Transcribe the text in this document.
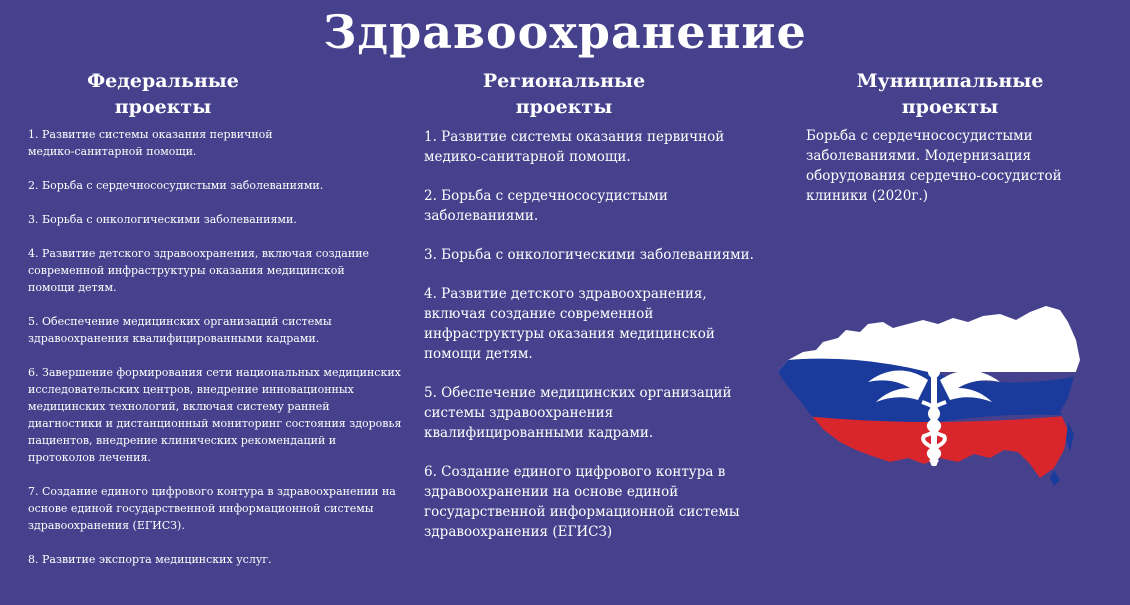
Здравоохранение
Федеральные
проекты
1. Развитие системы оказания первичной медико-санитарной помощи.
2. Борьба с сердечнососудистыми заболеваниями.
3. Борьба с онкологическими заболеваниями.
4. Развитие детского здравоохранения, включая создание современной инфраструктуры оказания медицинской помощи детям.
5. Обеспечение медицинских организаций системы здравоохранения квалифицированными кадрами.
6. Завершение формирования сети национальных медицинских исследовательских центров, внедрение инновационных медицинских технологий, включая систему ранней диагностики и дистанционный мониторинг состояния здоровья пациентов, внедрение клинических рекомендаций и протоколов лечения.
7. Создание единого цифрового контура в здравоохранении на основе единой государственной информационной системы здравоохранения (ЕГИСЗ).
8. Развитие экспорта медицинских услуг.
Региональные
проекты
1. Развитие системы оказания первичной медико-санитарной помощи.
2. Борьба с сердечнососудистыми заболеваниями.
3. Борьба с онкологическими заболеваниями.
4. Развитие детского здравоохранения, включая создание современной инфраструктуры оказания медицинской помощи детям.
5. Обеспечение медицинских организаций системы здравоохранения квалифицированными кадрами.
6. Создание единого цифрового контура в здравоохранении на основе единой государственной информационной системы здравоохранения (ЕГИСЗ)
Муниципальные
проекты
Борьба с сердечнососудистыми заболеваниями. Модернизация оборудования сердечно-сосудистой клиники (2020г.)
